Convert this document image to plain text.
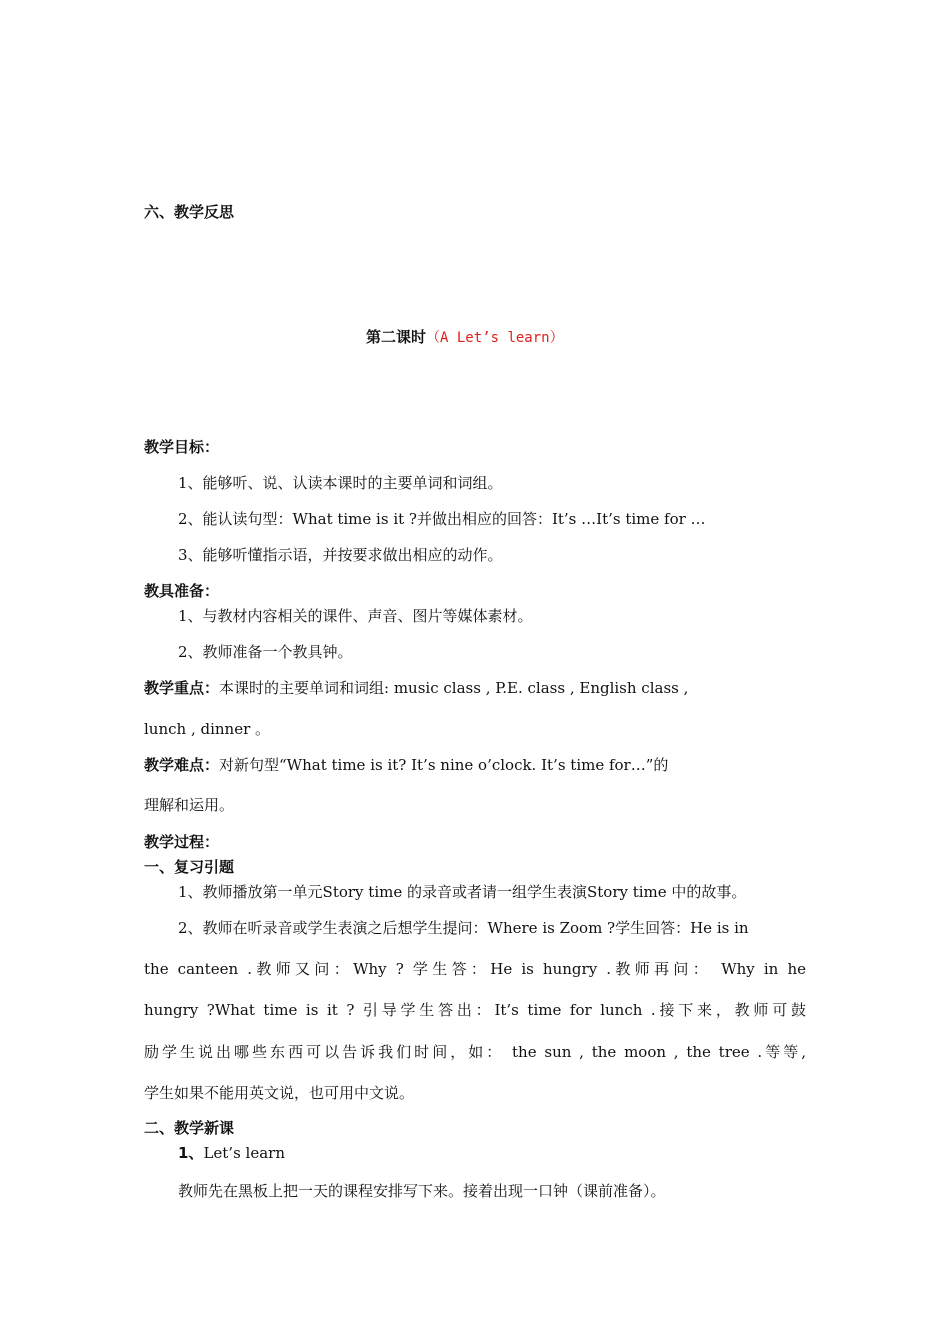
六、教学反思
第二课时（A Let’s learn）
教学目标：
1、能够听、说、认读本课时的主要单词和词组。
2、能认读句型：What time is it ?并做出相应的回答：It’s …It’s time for …
3、能够听懂指示语，并按要求做出相应的动作。
教具准备：
1、与教材内容相关的课件、声音、图片等媒体素材。
2、教师准备一个教具钟。
教学重点：本课时的主要单词和词组: music class , P.E. class , English class ,
lunch , dinner 。
教学难点：对新句型“What time is it? It’s nine o’clock. It’s time for…”的
理解和运用。
教学过程：
一、复习引题
1、教师播放第一单元Story time 的录音或者请一组学生表演Story time 中的故事。
2、教师在听录音或学生表演之后想学生提问：Where is Zoom ?学生回答：He is in
the canteen .教师又问：Why ? 学生答：He is hungry .教师再问： Why in he
hungry ?What time is it ? 引导学生答出：It’s time for lunch .接下来，教师可鼓
励学生说出哪些东西可以告诉我们时间，如： the sun , the moon , the tree .等等,
学生如果不能用英文说，也可用中文说。
二、教学新课
1、Let’s learn
教师先在黑板上把一天的课程安排写下来。接着出现一口钟（课前准备）。
